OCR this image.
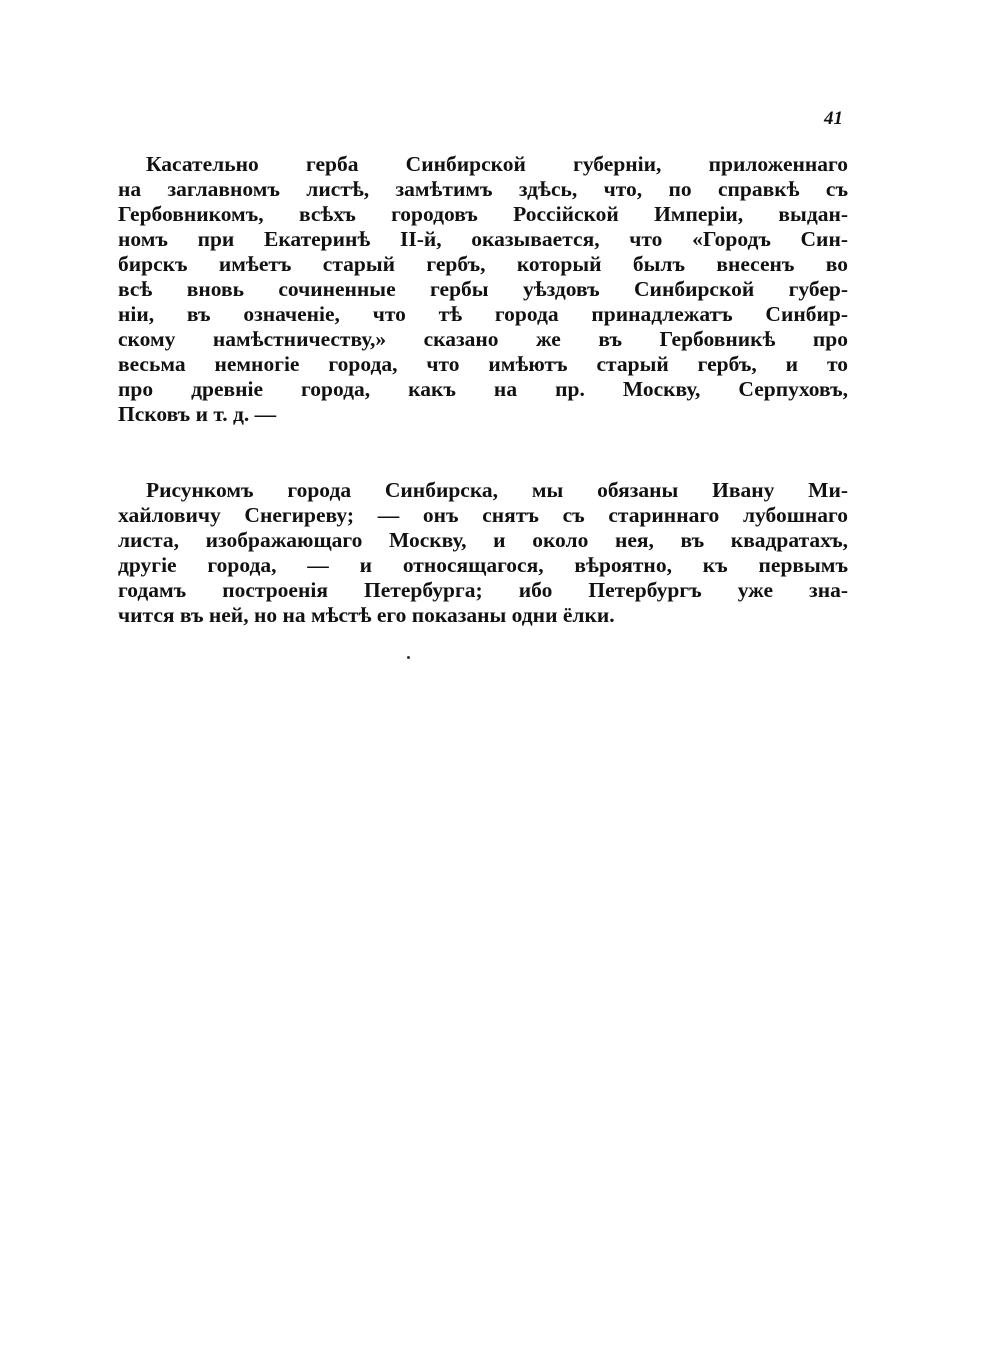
41
Касательно герба Синбирской губерніи, приложеннаго
на заглавномъ листѣ, замѣтимъ здѣсь, что, по справкѣ съ
Гербовникомъ, всѣхъ городовъ Россійской Имперіи, выдан-
номъ при Екатеринѣ II-й, оказывается, что «Городъ Син-
бирскъ имѣетъ старый гербъ, который былъ внесенъ во
всѣ вновь сочиненные гербы уѣздовъ Синбирской губер-
ніи, въ означеніе, что тѣ города принадлежатъ Синбир-
скому намѣстничеству,» сказано же въ Гербовникѣ про
весьма немногіе города, что имѣютъ старый гербъ, и то
про древніе города, какъ на пр. Москву, Серпуховъ,
Псковъ и т. д. —
Рисункомъ города Синбирска, мы обязаны Ивану Ми-
хайловичу Снегиреву; — онъ снятъ съ стариннаго лубошнаго
листа, изображающаго Москву, и около нея, въ квадратахъ,
другіе города, — и относящагося, вѣроятно, къ первымъ
годамъ построенія Петербурга; ибо Петербургъ уже зна-
чится въ ней, но на мѣстѣ его показаны одни ёлки.
